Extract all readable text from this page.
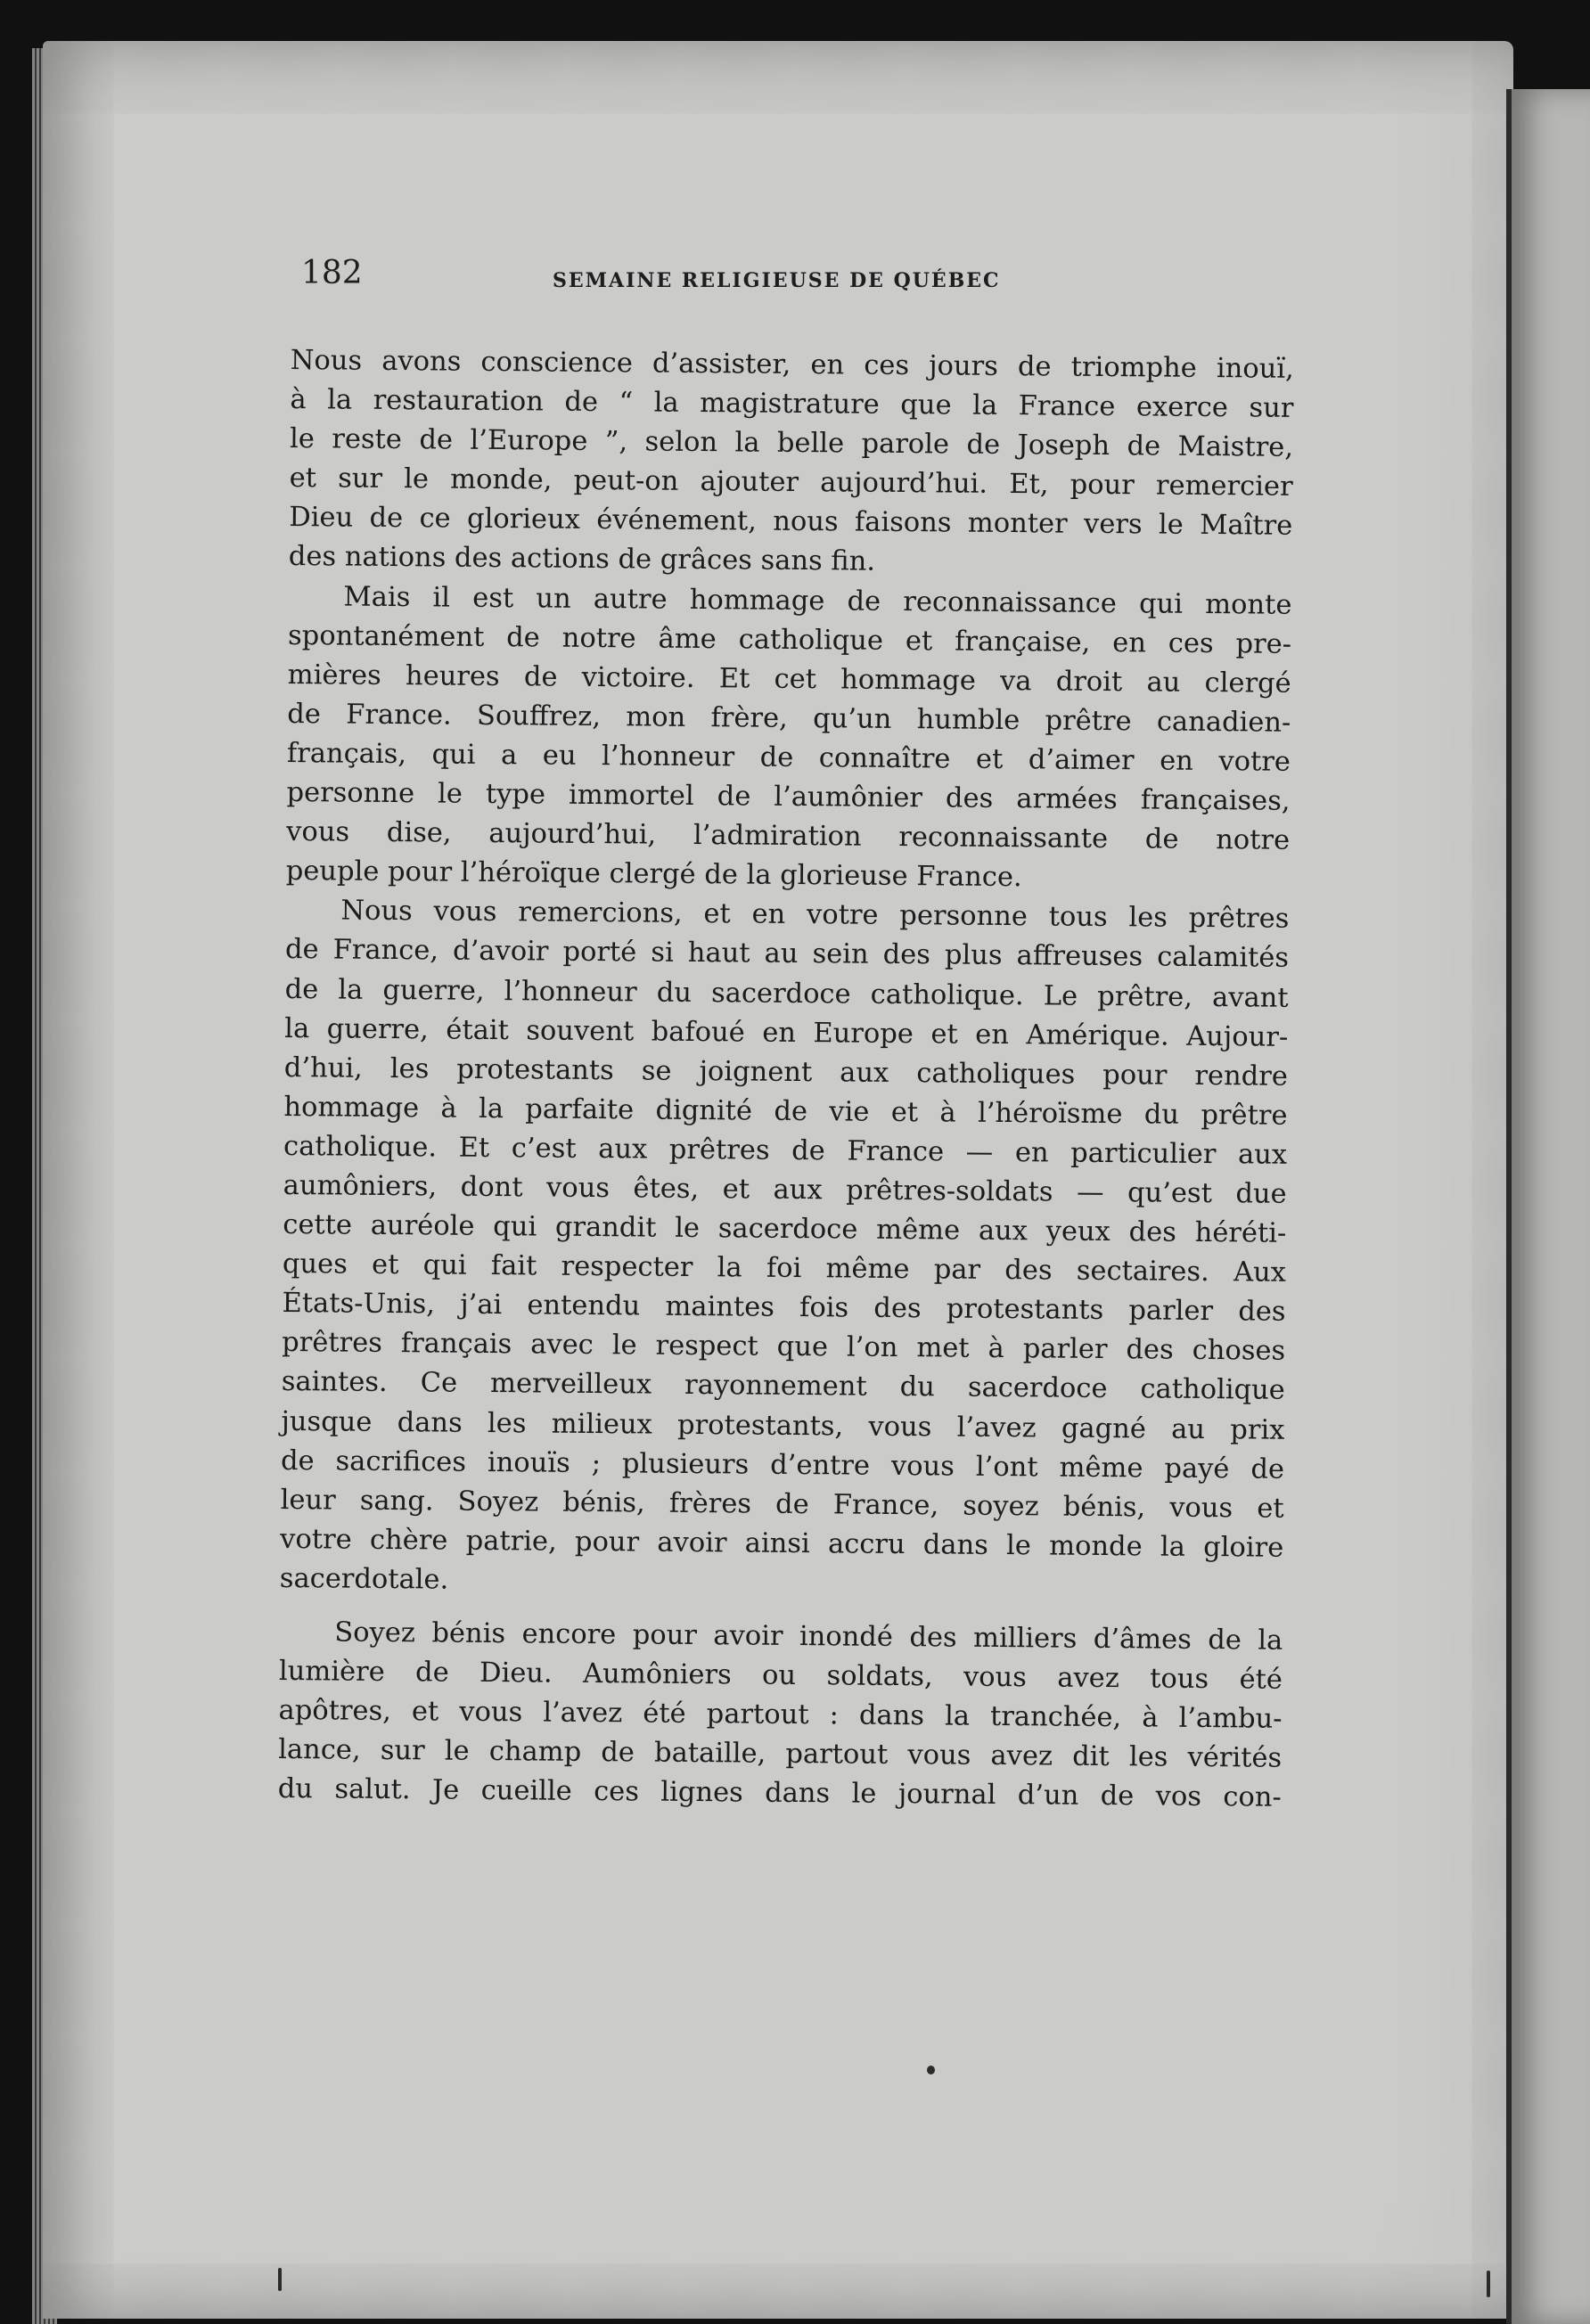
182	SEMAINE RELIGIEUSE DE QUÉBEC

Nous avons conscience d’assister, en ces jours de triomphe inouï,

à la restauration de “ la magistrature que la France exerce sur

le reste de l’Europe ”, selon la belle parole de Joseph de Maistre,

et sur le monde, peut-on ajouter aujourd’hui. Et, pour remercier

Dieu de ce glorieux événement, nous faisons monter vers le Maître

des nations des actions de grâces sans fin.

Mais il est un autre hommage de reconnaissance qui monte

spontanément de notre âme catholique et française, en ces pre-

mières heures de victoire. Et cet hommage va droit au clergé

de France. Souffrez, mon frère, qu’un humble prêtre canadien-

français, qui a eu l’honneur de connaître et d’aimer en votre

personne le type immortel de l’aumônier des armées françaises,

vous dise, aujourd’hui, l’admiration reconnaissante de notre

peuple pour l’héroïque clergé de la glorieuse France.

Nous vous remercions, et en votre personne tous les prêtres

de France, d’avoir porté si haut au sein des plus affreuses calamités

de la guerre, l’honneur du sacerdoce catholique. Le prêtre, avant

la guerre, était souvent bafoué en Europe et en Amérique. Aujour-

d’hui, les protestants se joignent aux catholiques pour rendre

hommage à la parfaite dignité de vie et à l’héroïsme du prêtre

catholique. Et c’est aux prêtres de France — en particulier aux

aumôniers, dont vous êtes, et aux prêtres-soldats — qu’est due

cette auréole qui grandit le sacerdoce même aux yeux des héréti-

ques et qui fait respecter la foi même par des sectaires. Aux

États-Unis, j’ai entendu maintes fois des protestants parler des

prêtres français avec le respect que l’on met à parler des choses

saintes. Ce merveilleux rayonnement du sacerdoce catholique

jusque dans les milieux protestants, vous l’avez gagné au prix

de sacrifices inouïs ; plusieurs d’entre vous l’ont même payé de

leur sang. Soyez bénis, frères de France, soyez bénis, vous et

votre chère patrie, pour avoir ainsi accru dans le monde la gloire

sacerdotale.

Soyez bénis encore pour avoir inondé des milliers d’âmes de la

lumière de Dieu. Aumôniers ou soldats, vous avez tous été

apôtres, et vous l’avez été partout : dans la tranchée, à l’ambu-

lance, sur le champ de bataille, partout vous avez dit les vérités

du salut. Je cueille ces lignes dans le journal d’un de vos con-
